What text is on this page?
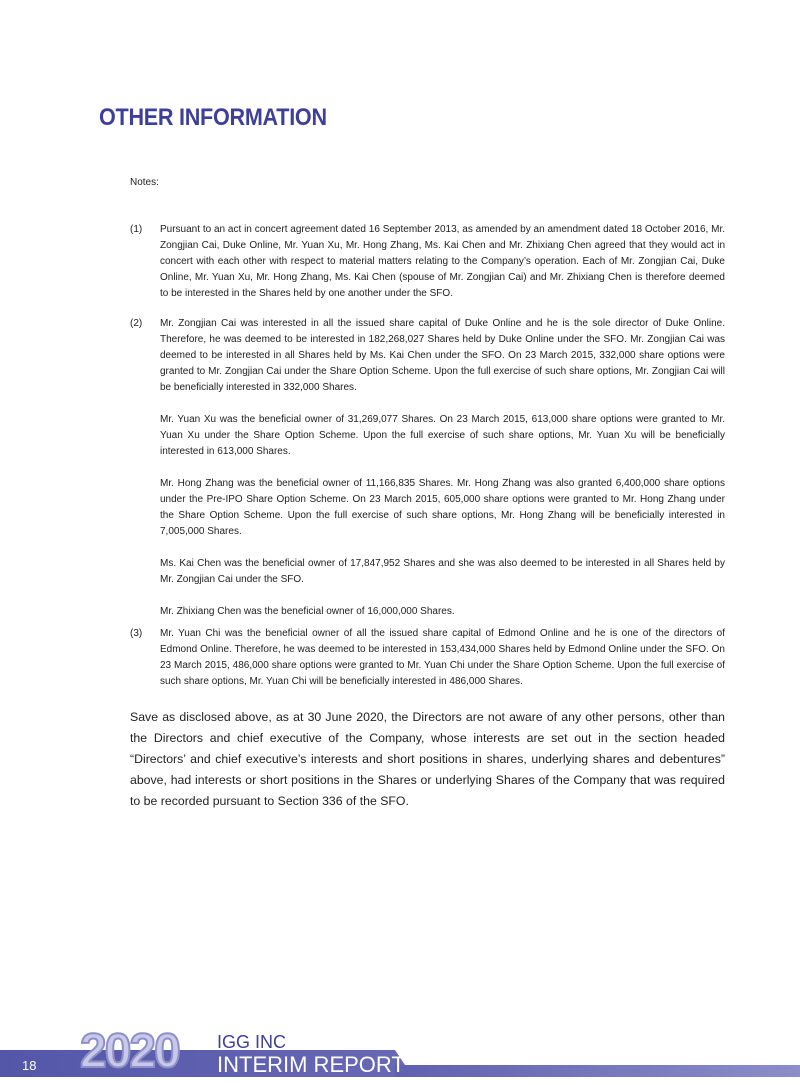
OTHER INFORMATION
Notes:
(1) Pursuant to an act in concert agreement dated 16 September 2013, as amended by an amendment dated 18 October 2016, Mr. Zongjian Cai, Duke Online, Mr. Yuan Xu, Mr. Hong Zhang, Ms. Kai Chen and Mr. Zhixiang Chen agreed that they would act in concert with each other with respect to material matters relating to the Company’s operation. Each of Mr. Zongjian Cai, Duke Online, Mr. Yuan Xu, Mr. Hong Zhang, Ms. Kai Chen (spouse of Mr. Zongjian Cai) and Mr. Zhixiang Chen is therefore deemed to be interested in the Shares held by one another under the SFO.

(2) Mr. Zongjian Cai was interested in all the issued share capital of Duke Online and he is the sole director of Duke Online. Therefore, he was deemed to be interested in 182,268,027 Shares held by Duke Online under the SFO. Mr. Zongjian Cai was deemed to be interested in all Shares held by Ms. Kai Chen under the SFO. On 23 March 2015, 332,000 share options were granted to Mr. Zongjian Cai under the Share Option Scheme. Upon the full exercise of such share options, Mr. Zongjian Cai will be beneficially interested in 332,000 Shares.

Mr. Yuan Xu was the beneficial owner of 31,269,077 Shares. On 23 March 2015, 613,000 share options were granted to Mr. Yuan Xu under the Share Option Scheme. Upon the full exercise of such share options, Mr. Yuan Xu will be beneficially interested in 613,000 Shares.

Mr. Hong Zhang was the beneficial owner of 11,166,835 Shares. Mr. Hong Zhang was also granted 6,400,000 share options under the Pre-IPO Share Option Scheme. On 23 March 2015, 605,000 share options were granted to Mr. Hong Zhang under the Share Option Scheme. Upon the full exercise of such share options, Mr. Hong Zhang will be beneficially interested in 7,005,000 Shares.

Ms. Kai Chen was the beneficial owner of 17,847,952 Shares and she was also deemed to be interested in all Shares held by Mr. Zongjian Cai under the SFO.

Mr. Zhixiang Chen was the beneficial owner of 16,000,000 Shares.

(3) Mr. Yuan Chi was the beneficial owner of all the issued share capital of Edmond Online and he is one of the directors of Edmond Online. Therefore, he was deemed to be interested in 153,434,000 Shares held by Edmond Online under the SFO. On 23 March 2015, 486,000 share options were granted to Mr. Yuan Chi under the Share Option Scheme. Upon the full exercise of such share options, Mr. Yuan Chi will be beneficially interested in 486,000 Shares.

Save as disclosed above, as at 30 June 2020, the Directors are not aware of any other persons, other than the Directors and chief executive of the Company, whose interests are set out in the section headed “Directors’ and chief executive’s interests and short positions in shares, underlying shares and debentures” above, had interests or short positions in the Shares or underlying Shares of the Company that was required to be recorded pursuant to Section 336 of the SFO.
18 2020 IGG INC
INTERIM REPORT
